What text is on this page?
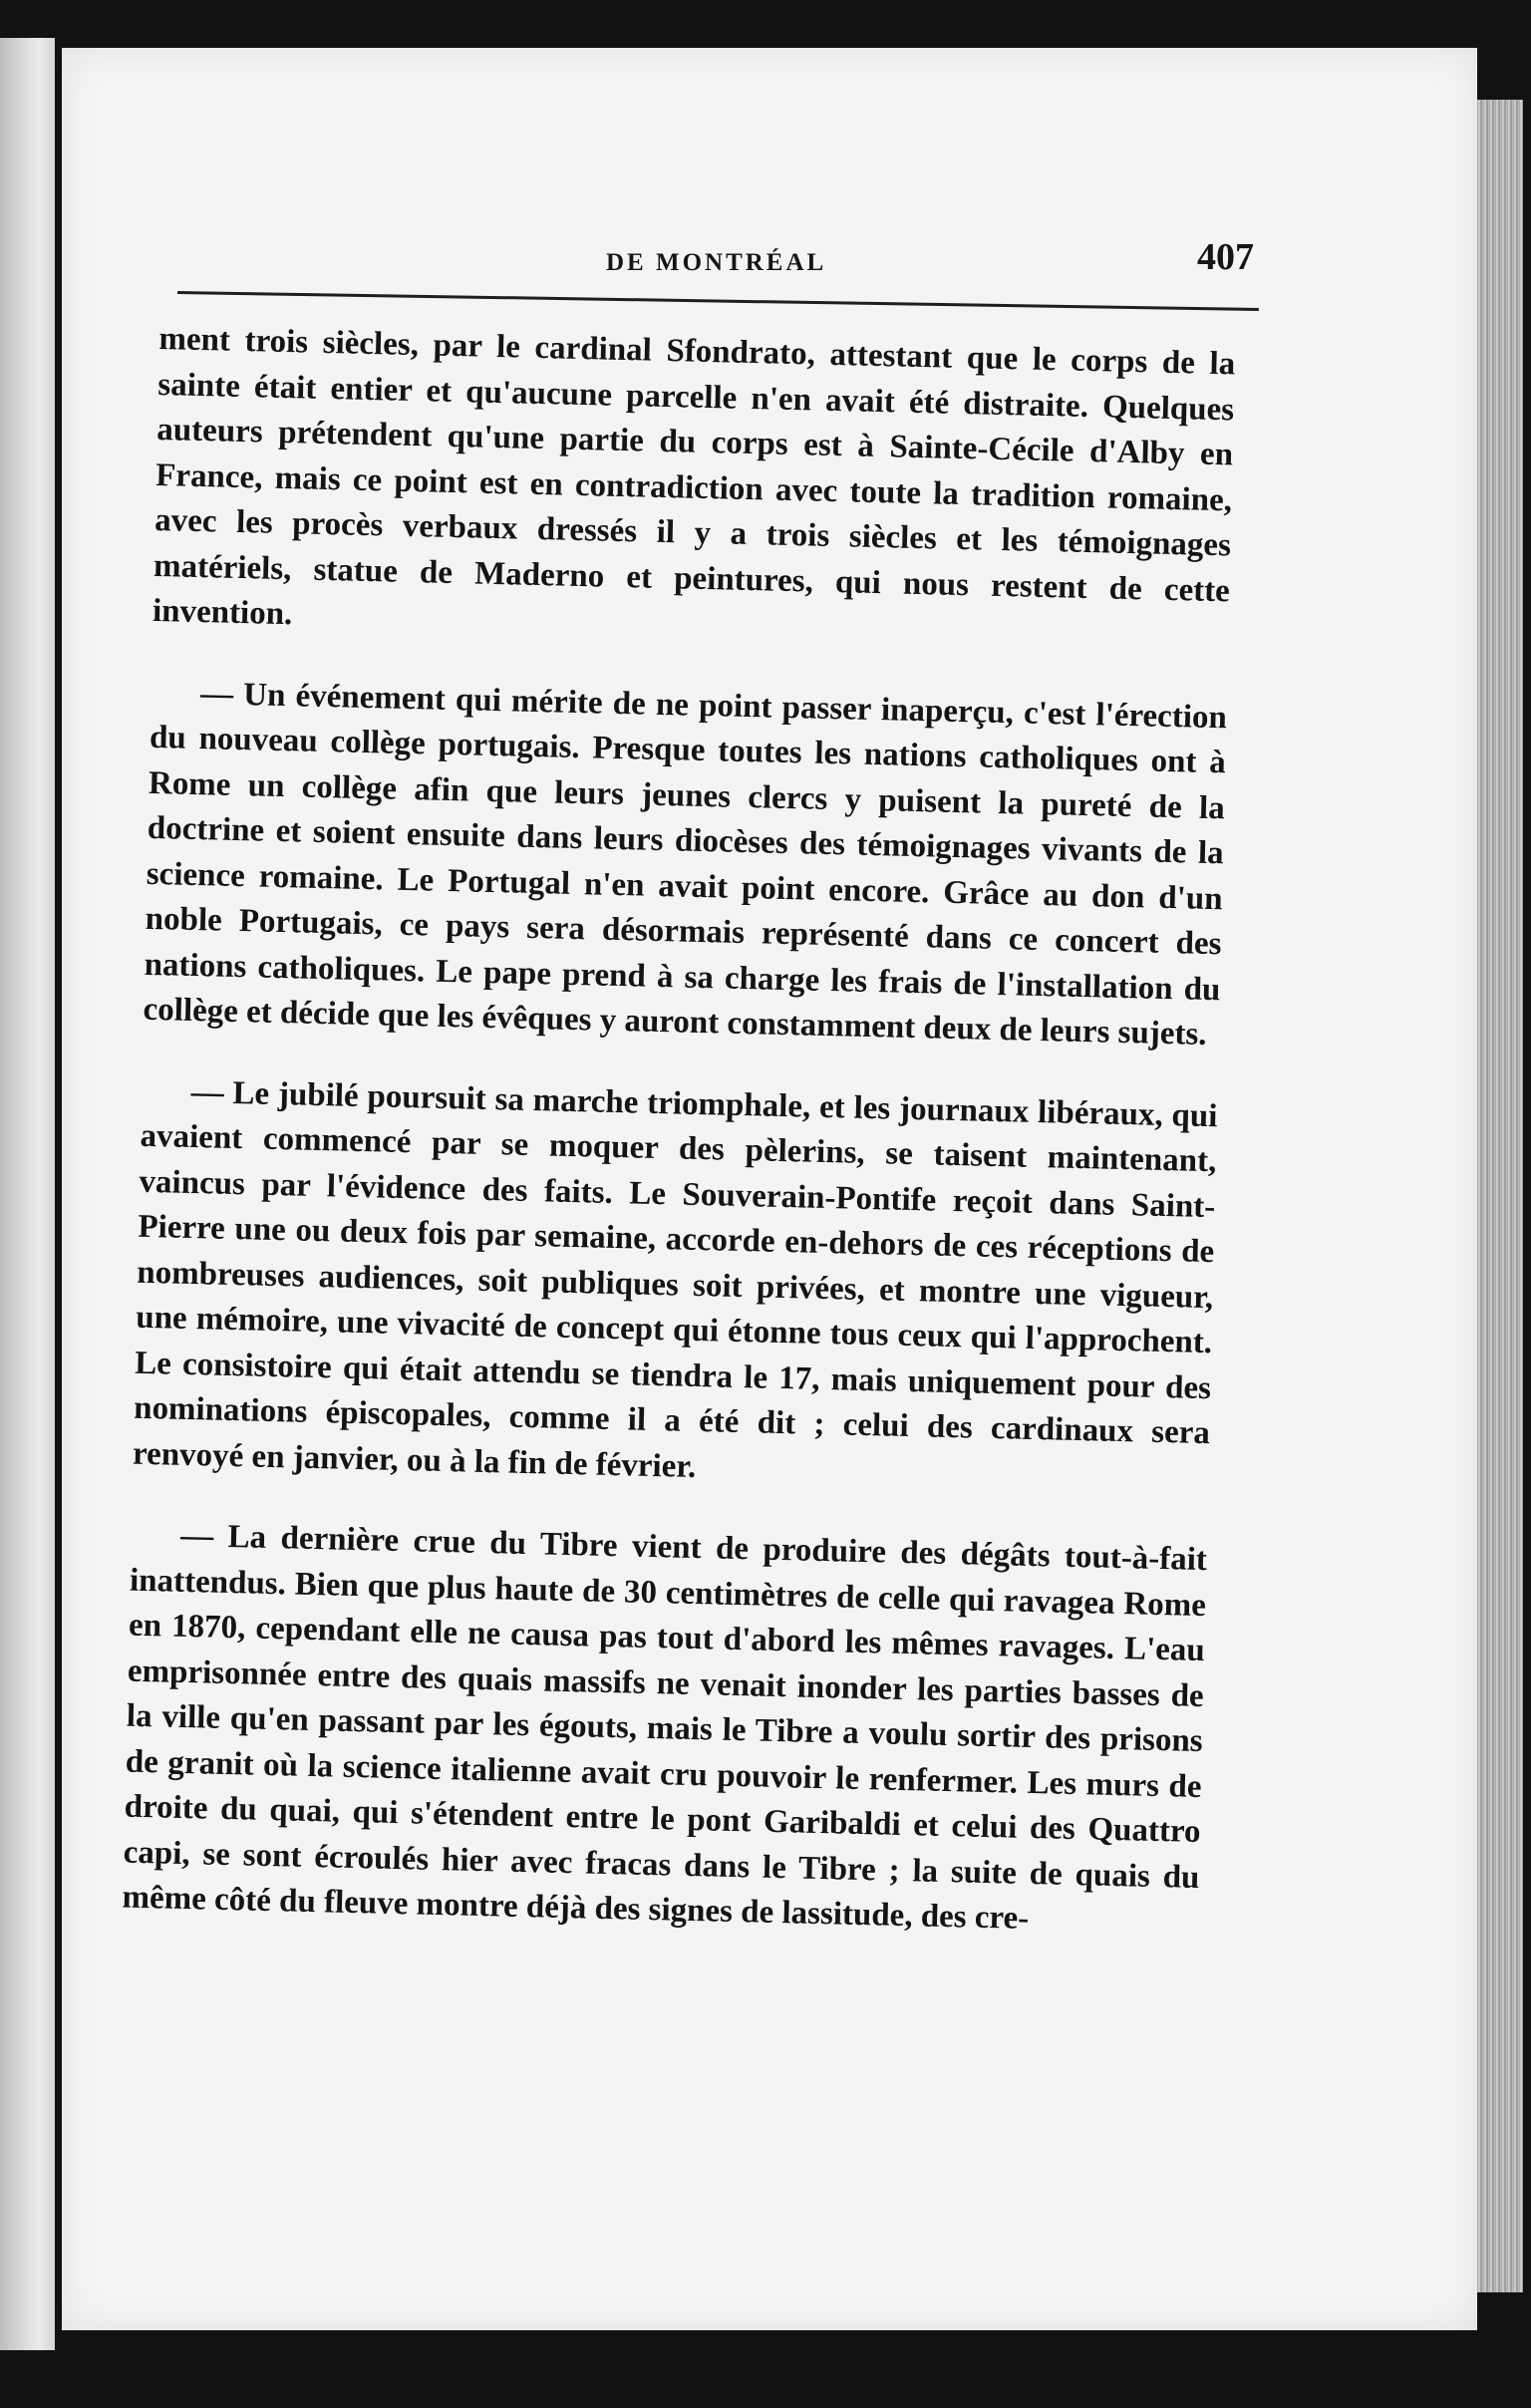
DE MONTRÉAL	407

ment trois siècles, par le cardinal Sfondrato, attestant que le corps de la sainte était entier et qu'aucune parcelle n'en avait été distraite. Quelques auteurs prétendent qu'une partie du corps est à Sainte-Cécile d'Alby en France, mais ce point est en contradiction avec toute la tradition romaine, avec les procès verbaux dressés il y a trois siècles et les témoignages matériels, statue de Maderno et peintures, qui nous restent de cette invention.

— Un événement qui mérite de ne point passer inaperçu, c'est l'érection du nouveau collège portugais. Presque toutes les nations catholiques ont à Rome un collège afin que leurs jeunes clercs y puisent la pureté de la doctrine et soient ensuite dans leurs diocèses des témoignages vivants de la science romaine. Le Portugal n'en avait point encore. Grâce au don d'un noble Portugais, ce pays sera désormais représenté dans ce concert des nations catholiques. Le pape prend à sa charge les frais de l'installation du collège et décide que les évêques y auront constamment deux de leurs sujets.

— Le jubilé poursuit sa marche triomphale, et les journaux libéraux, qui avaient commencé par se moquer des pèlerins, se taisent maintenant, vaincus par l'évidence des faits. Le Souverain-Pontife reçoit dans Saint-Pierre une ou deux fois par semaine, accorde en-dehors de ces réceptions de nombreuses audiences, soit publiques soit privées, et montre une vigueur, une mémoire, une vivacité de concept qui étonne tous ceux qui l'approchent. Le consistoire qui était attendu se tiendra le 17, mais uniquement pour des nominations épiscopales, comme il a été dit ; celui des cardinaux sera renvoyé en janvier, ou à la fin de février.

— La dernière crue du Tibre vient de produire des dégâts tout-à-fait inattendus. Bien que plus haute de 30 centimètres de celle qui ravagea Rome en 1870, cependant elle ne causa pas tout d'abord les mêmes ravages. L'eau emprisonnée entre des quais massifs ne venait inonder les parties basses de la ville qu'en passant par les égouts, mais le Tibre a voulu sortir des prisons de granit où la science italienne avait cru pouvoir le renfermer. Les murs de droite du quai, qui s'étendent entre le pont Garibaldi et celui des Quattro capi, se sont écroulés hier avec fracas dans le Tibre ; la suite de quais du même côté du fleuve montre déjà des signes de lassitude, des cre-
